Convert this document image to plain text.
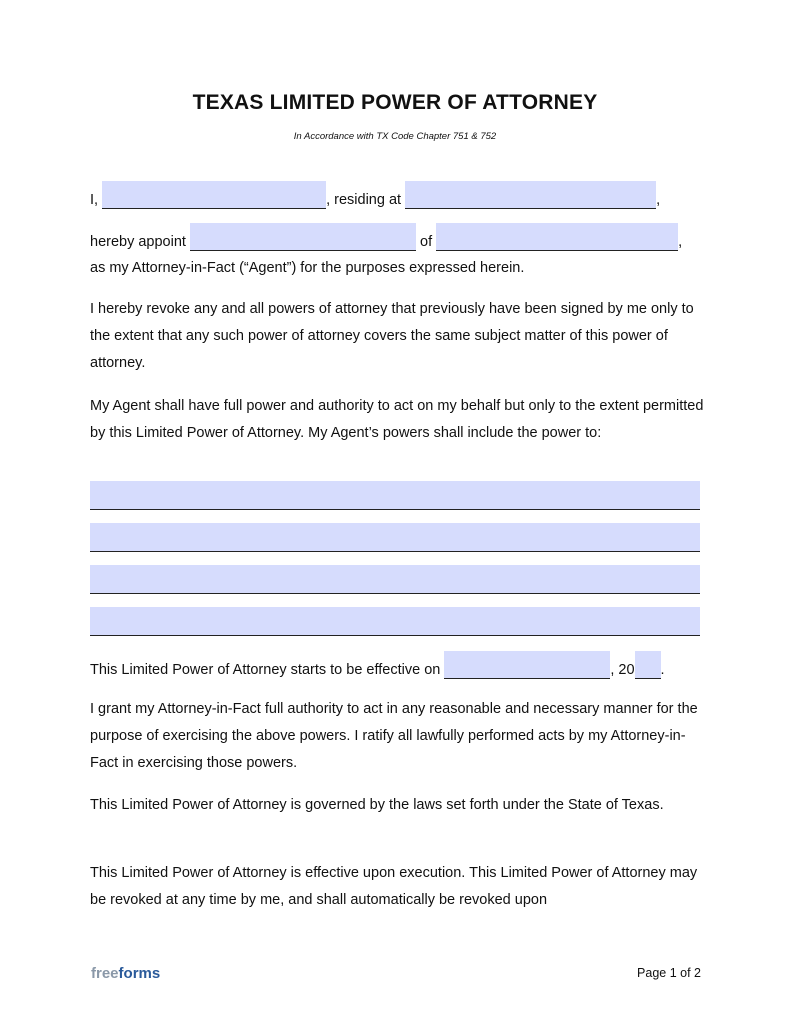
TEXAS LIMITED POWER OF ATTORNEY
In Accordance with TX Code Chapter 751 & 752
I,	, residing at	,
hereby appoint	of	,
as my Attorney-in-Fact (“Agent”) for the purposes expressed herein.
I hereby revoke any and all powers of attorney that previously have been signed by me only to the extent that any such power of attorney covers the same subject matter of this power of attorney.
My Agent shall have full power and authority to act on my behalf but only to the extent permitted by this Limited Power of Attorney. My Agent’s powers shall include the power to:
This Limited Power of Attorney starts to be effective on	, 20 .
I grant my Attorney-in-Fact full authority to act in any reasonable and necessary manner for the purpose of exercising the above powers. I ratify all lawfully performed acts by my Attorney-in-Fact in exercising those powers.
This Limited Power of Attorney is governed by the laws set forth under the State of Texas.
This Limited Power of Attorney is effective upon execution. This Limited Power of Attorney may be revoked at any time by me, and shall automatically be revoked upon
freeforms	Page 1 of 2
